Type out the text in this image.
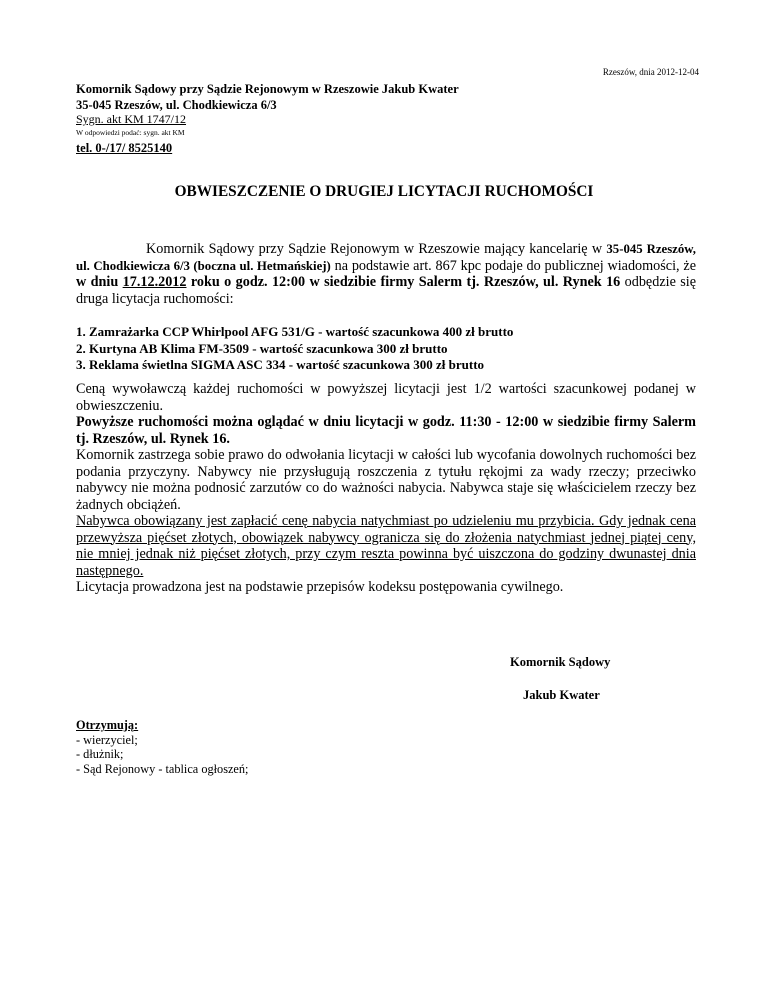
Rzeszów, dnia 2012-12-04
Komornik Sądowy przy Sądzie Rejonowym w Rzeszowie Jakub Kwater
35-045 Rzeszów, ul. Chodkiewicza 6/3
Sygn. akt KM 1747/12
W odpowiedzi podać: sygn. akt KM
tel. 0-/17/ 8525140
OBWIESZCZENIE O DRUGIEJ LICYTACJI RUCHOMOŚCI
Komornik Sądowy przy Sądzie Rejonowym w Rzeszowie mający kancelarię w 35-045 Rzeszów, ul. Chodkiewicza 6/3 (boczna ul. Hetmańskiej) na podstawie art. 867 kpc podaje do publicznej wiadomości, że w dniu 17.12.2012 roku o godz. 12:00 w siedzibie firmy Salerm tj. Rzeszów, ul. Rynek 16 odbędzie się druga licytacja ruchomości:
1. Zamrażarka CCP Whirlpool AFG 531/G - wartość szacunkowa 400 zł brutto
2. Kurtyna AB Klima FM-3509 - wartość szacunkowa 300 zł brutto
3. Reklama świetlna SIGMA ASC 334 - wartość szacunkowa 300 zł brutto
Ceną wywoławczą każdej ruchomości w powyższej licytacji jest 1/2 wartości szacunkowej podanej w obwieszczeniu.
Powyższe ruchomości można oglądać w dniu licytacji w godz. 11:30 - 12:00 w siedzibie firmy Salerm tj. Rzeszów, ul. Rynek 16.
Komornik zastrzega sobie prawo do odwołania licytacji w całości lub wycofania dowolnych ruchomości bez podania przyczyny. Nabywcy nie przysługują roszczenia z tytułu rękojmi za wady rzeczy; przeciwko nabywcy nie można podnosić zarzutów co do ważności nabycia. Nabywca staje się właścicielem rzeczy bez żadnych obciążeń.
Nabywca obowiązany jest zapłacić cenę nabycia natychmiast po udzieleniu mu przybicia. Gdy jednak cena przewyższa pięćset złotych, obowiązek nabywcy ogranicza się do złożenia natychmiast jednej piątej ceny, nie mniej jednak niż pięćset złotych, przy czym reszta powinna być uiszczona do godziny dwunastej dnia następnego.
Licytacja prowadzona jest na podstawie przepisów kodeksu postępowania cywilnego.
Komornik Sądowy
Jakub Kwater
Otrzymują:
- wierzyciel;
- dłużnik;
- Sąd Rejonowy - tablica ogłoszeń;
